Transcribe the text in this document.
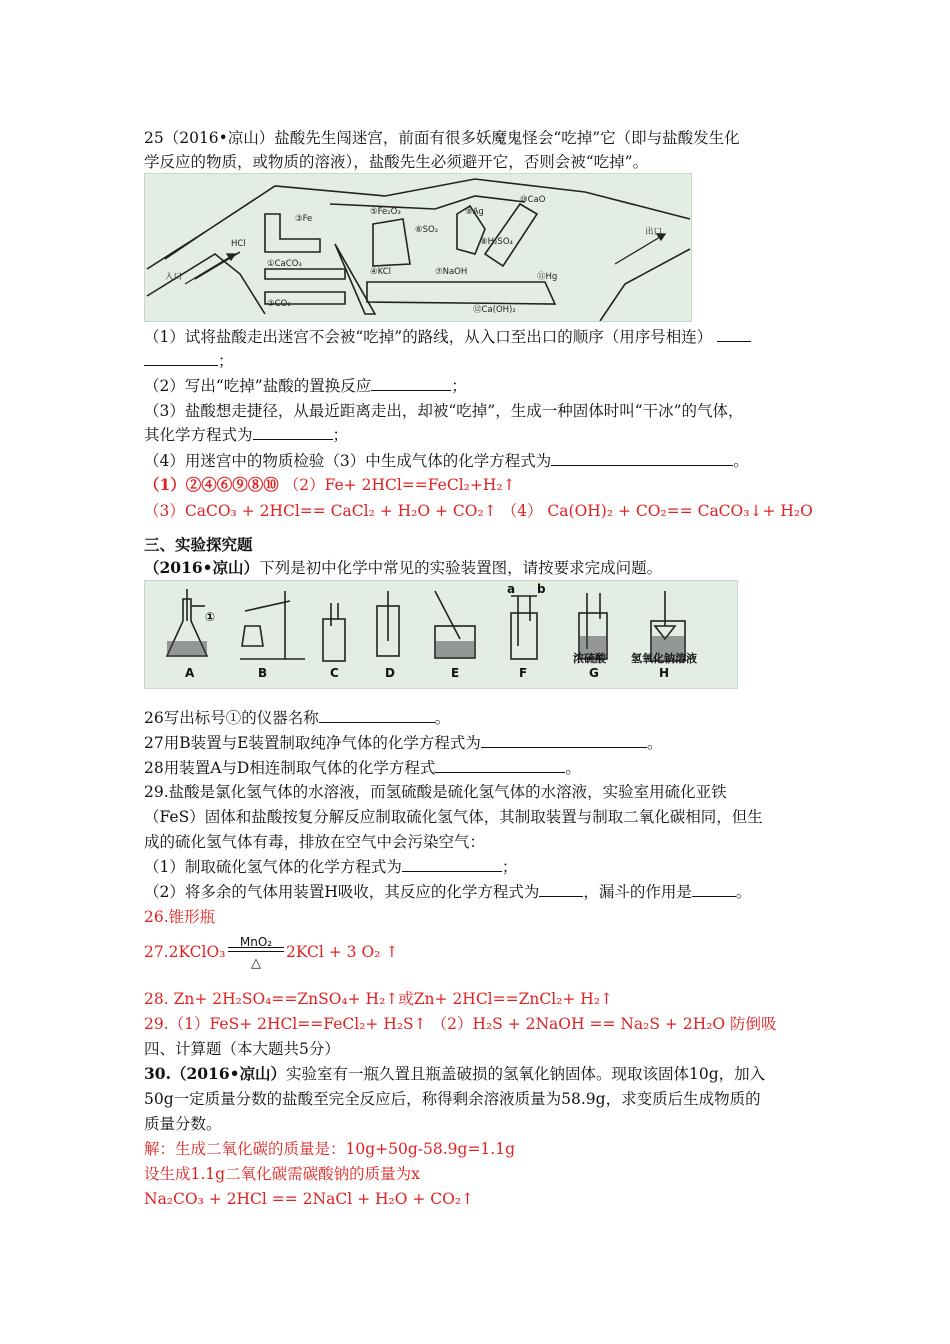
25（2016•凉山）盐酸先生闯迷宫，前面有很多妖魔鬼怪会“吃掉”它（即与盐酸发生化
学反应的物质，或物质的溶液），盐酸先生必须避开它，否则会被“吃掉”。
入口
出口
HCl
①CaCO₃
②CO₂
③Fe
④KCl
⑤Fe₂O₃
⑥SO₂
⑦NaOH
⑧H₂SO₄
⑨Ag
⑩CaO
⑪Hg
⑫Ca(OH)₂
（1）试将盐酸走出迷宫不会被“吃掉”的路线，从入口至出口的顺序（用序号相连）
；
（2）写出“吃掉”盐酸的置换反应	；
（3）盐酸想走捷径，从最近距离走出，却被“吃掉”，生成一种固体时叫“干冰”的气体，
其化学方程式为	；
（4）用迷宫中的物质检验（3）中生成气体的化学方程式为	。
（1）②④⑥⑨⑧⑩ （2）Fe+ 2HCl==FeCl₂+H₂↑
（3）CaCO₃ + 2HCl== CaCl₂ + H₂O + CO₂↑ （4） Ca(OH)₂ + CO₂== CaCO₃↓+ H₂O
三、实验探究题
（2016•凉山）下列是初中化学中常见的实验装置图，请按要求完成问题。
①
A	B	C	D	E	F	G	H
a b
浓硫酸 氢氧化钠溶液
26写出标号①的仪器名称	。
27用B装置与E装置制取纯净气体的化学方程式为	。
28用装置A与D相连制取气体的化学方程式	。
29.盐酸是氯化氢气体的水溶液，而氢硫酸是硫化氢气体的水溶液，实验室用硫化亚铁
（FeS）固体和盐酸按复分解反应制取硫化氢气体，其制取装置与制取二氧化碳相同，但生
成的硫化氢气体有毒，排放在空气中会污染空气：
（1）制取硫化氢气体的化学方程式为	；
（2）将多余的气体用装置H吸收，其反应的化学方程式为	，漏斗的作用是	。
26.锥形瓶
27.2KClO₃
MnO₂
△
2KCl + 3 O₂ ↑
28. Zn+ 2H₂SO₄==ZnSO₄+ H₂↑或Zn+ 2HCl==ZnCl₂+ H₂↑
29.（1）FeS+ 2HCl==FeCl₂+ H₂S↑ （2）H₂S + 2NaOH == Na₂S + 2H₂O 防倒吸
四、计算题（本大题共5分）
30.（2016•凉山）实验室有一瓶久置且瓶盖破损的氢氧化钠固体。现取该固体10g，加入
50g一定质量分数的盐酸至完全反应后，称得剩余溶液质量为58.9g，求变质后生成物质的
质量分数。
解：生成二氧化碳的质量是：10g+50g-58.9g=1.1g
设生成1.1g二氧化碳需碳酸钠的质量为x
Na₂CO₃ + 2HCl == 2NaCl + H₂O + CO₂↑
